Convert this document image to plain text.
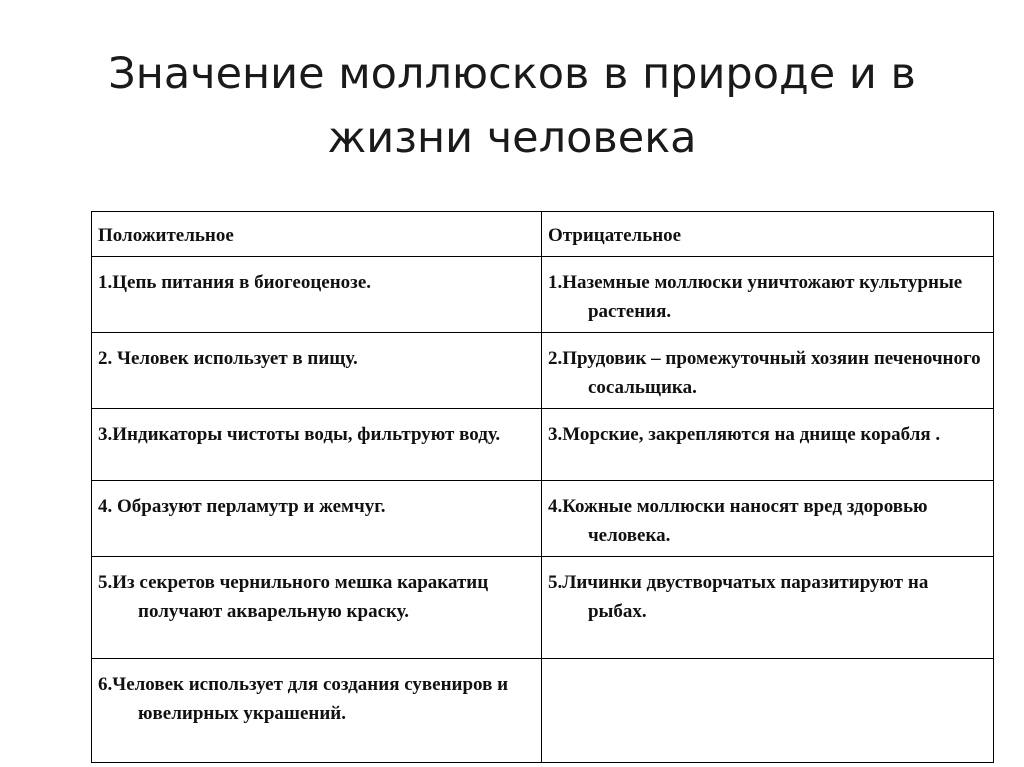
Значение моллюсков в природе и в
жизни человека
Положительное	Отрицательное

1.Цепь питания в биогеоценозе.	1.Наземные моллюски уничтожают культурные растения.

2. Человек использует в пищу.	2.Прудовик – промежуточный хозяин печеночного сосальщика.

3.Индикаторы чистоты воды, фильтруют воду.	3.Морские, закрепляются на днище корабля .

4. Образуют перламутр и жемчуг.	4.Кожные моллюски наносят вред здоровью человека.

5.Из секретов чернильного мешка каракатиц получают акварельную краску.	5.Личинки двустворчатых паразитируют на рыбах.

6.Человек использует для создания сувениров и ювелирных украшений.	
